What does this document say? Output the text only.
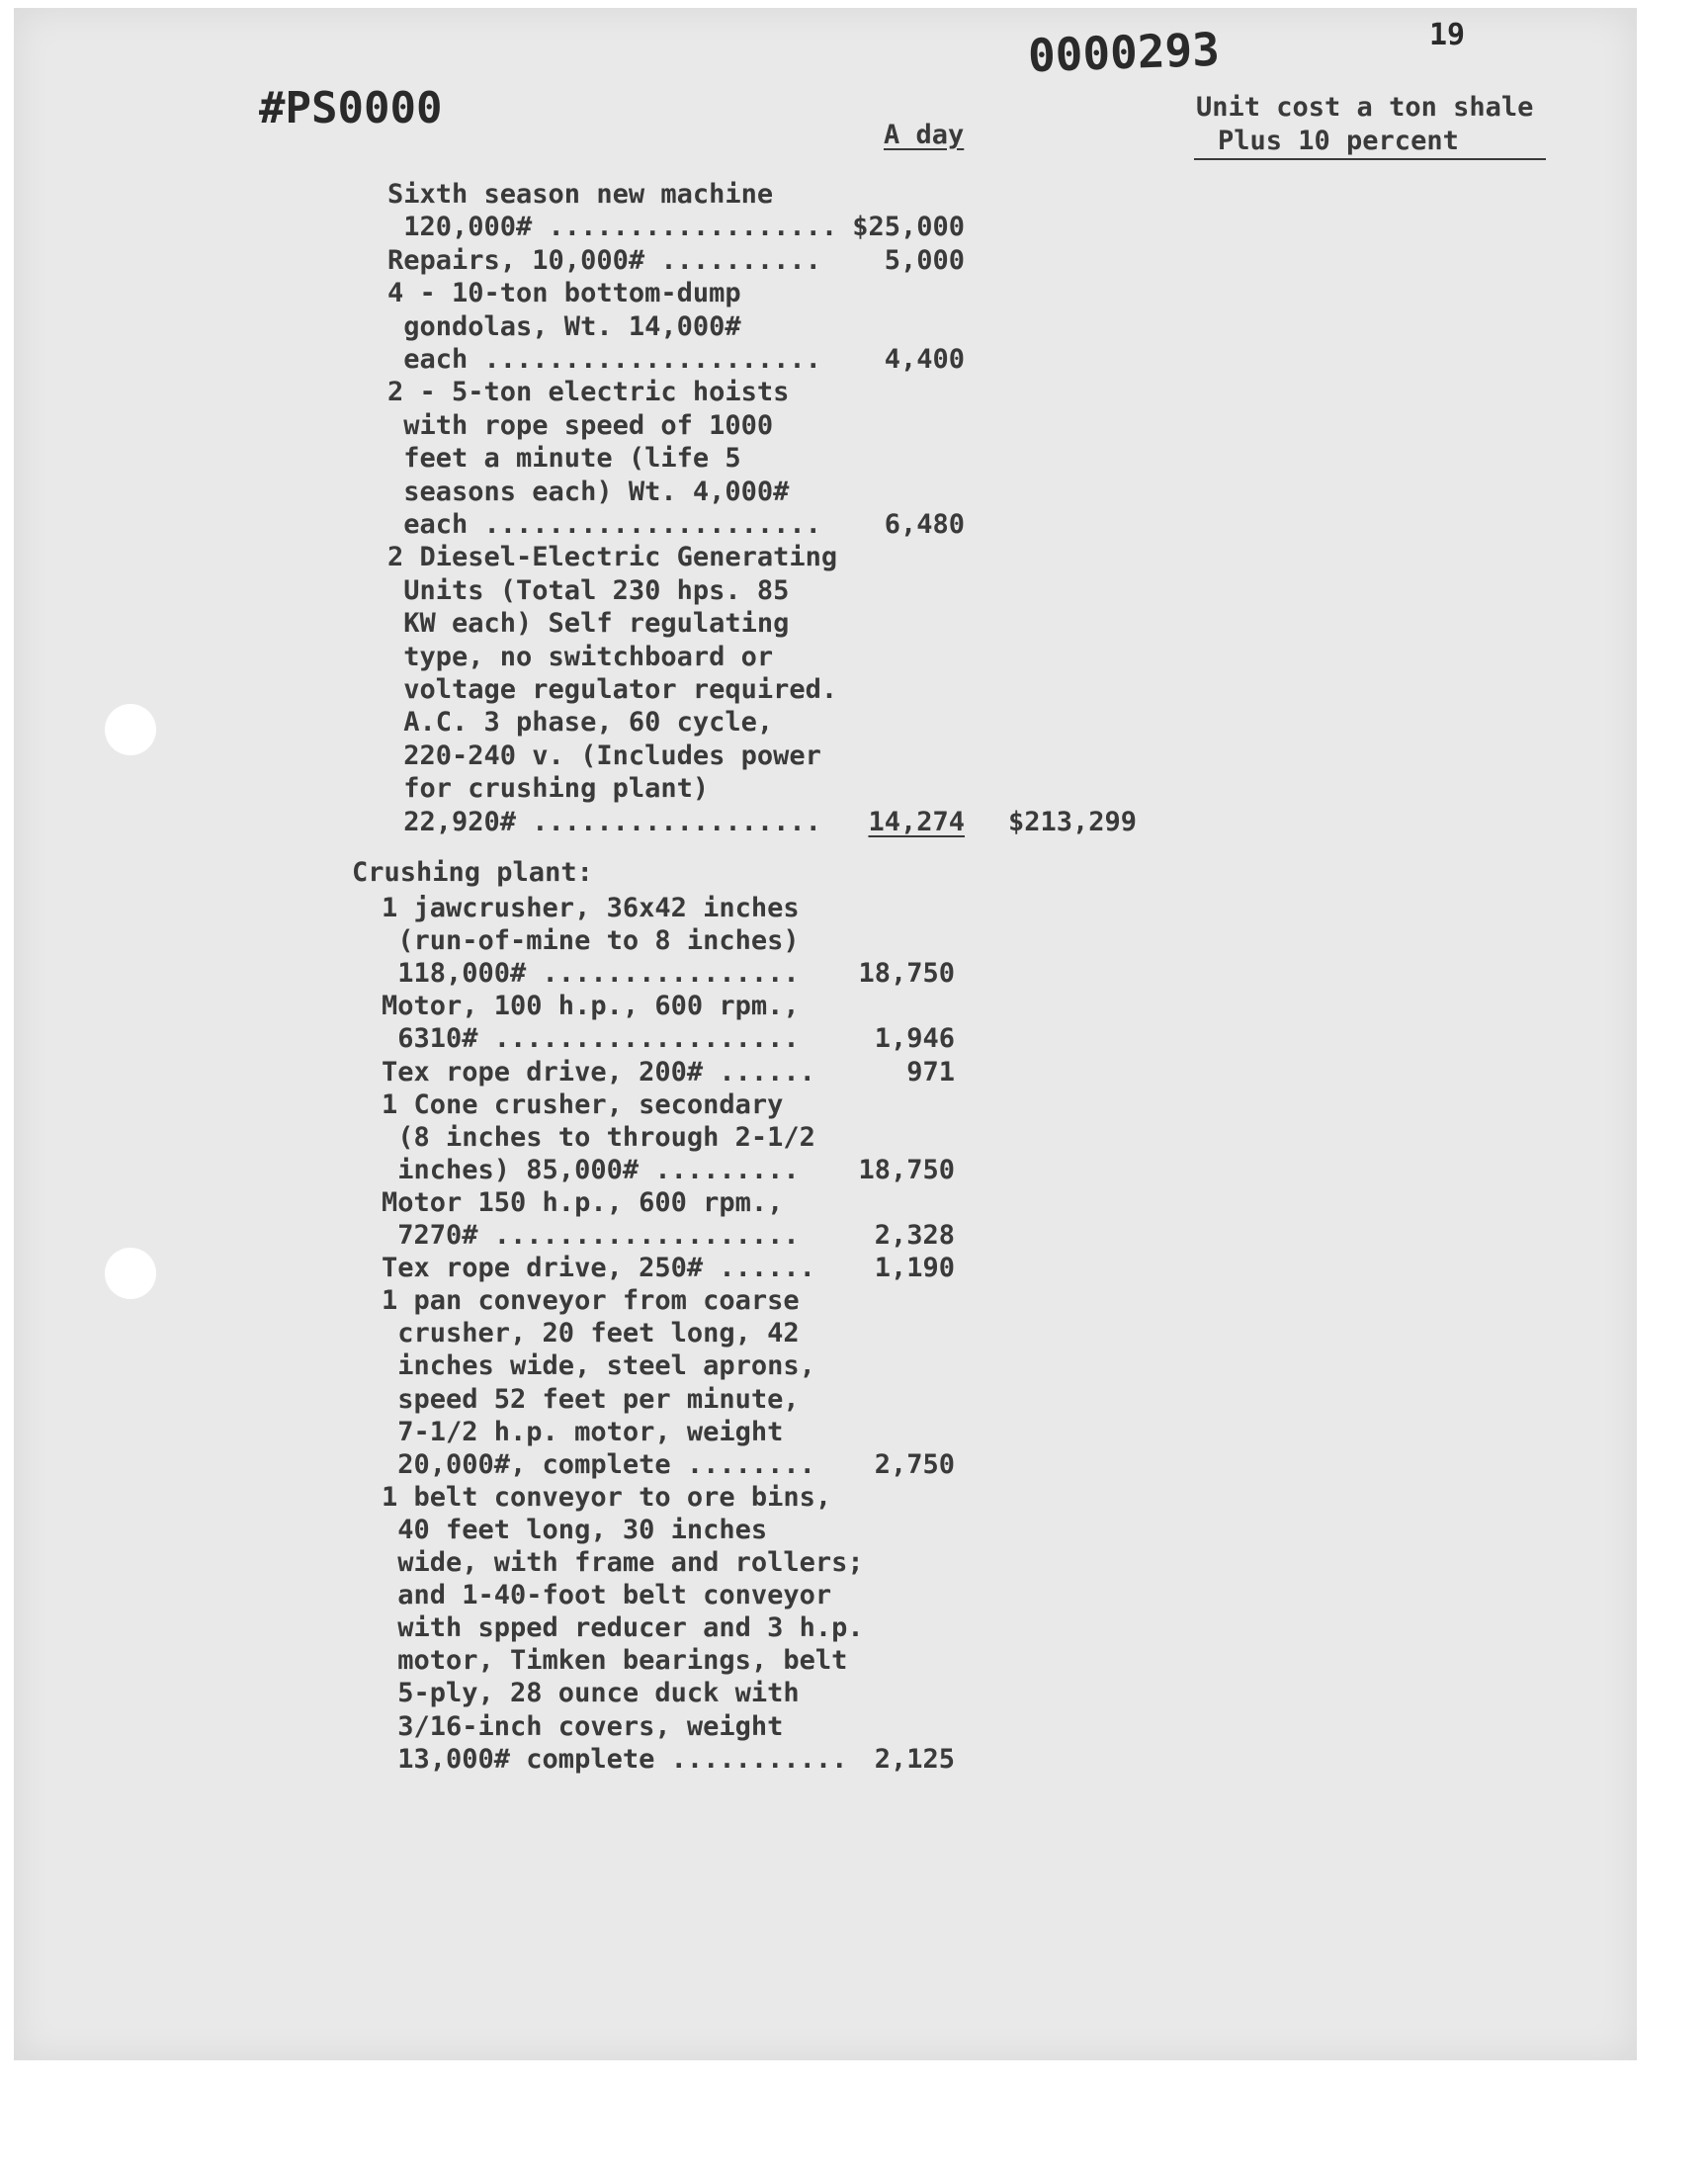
19
0000293
#PS0000
A day
Unit cost a ton shale
Plus 10 percent
Sixth season new machine
120,000# .................. $25,000
Repairs, 10,000# ..........	5,000
4 - 10-ton bottom-dump
gondolas, Wt. 14,000#
each .....................	4,400
2 - 5-ton electric hoists
with rope speed of 1000
feet a minute (life 5
seasons each) Wt. 4,000#
each .....................	6,480
2 Diesel-Electric Generating
Units (Total 230 hps. 85
KW each) Self regulating
type, no switchboard or
voltage regulator required.
A.C. 3 phase, 60 cycle,
220-240 v. (Includes power
for crushing plant)
22,920# ..................	14,274 $213,299
Crushing plant:
1 jawcrusher, 36x42 inches
(run-of-mine to 8 inches)
118,000# ................	18,750
Motor, 100 h.p., 600 rpm.,
6310# ...................	1,946
Tex rope drive, 200# ......	971
1 Cone crusher, secondary
(8 inches to through 2-1/2
inches) 85,000# .........	18,750
Motor 150 h.p., 600 rpm.,
7270# ...................	2,328
Tex rope drive, 250# ......	1,190
1 pan conveyor from coarse
crusher, 20 feet long, 42
inches wide, steel aprons,
speed 52 feet per minute,
7-1/2 h.p. motor, weight
20,000#, complete ........	2,750
1 belt conveyor to ore bins,
40 feet long, 30 inches
wide, with frame and rollers;
and 1-40-foot belt conveyor
with spped reducer and 3 h.p.
motor, Timken bearings, belt
5-ply, 28 ounce duck with
3/16-inch covers, weight
13,000# complete ...........	2,125
